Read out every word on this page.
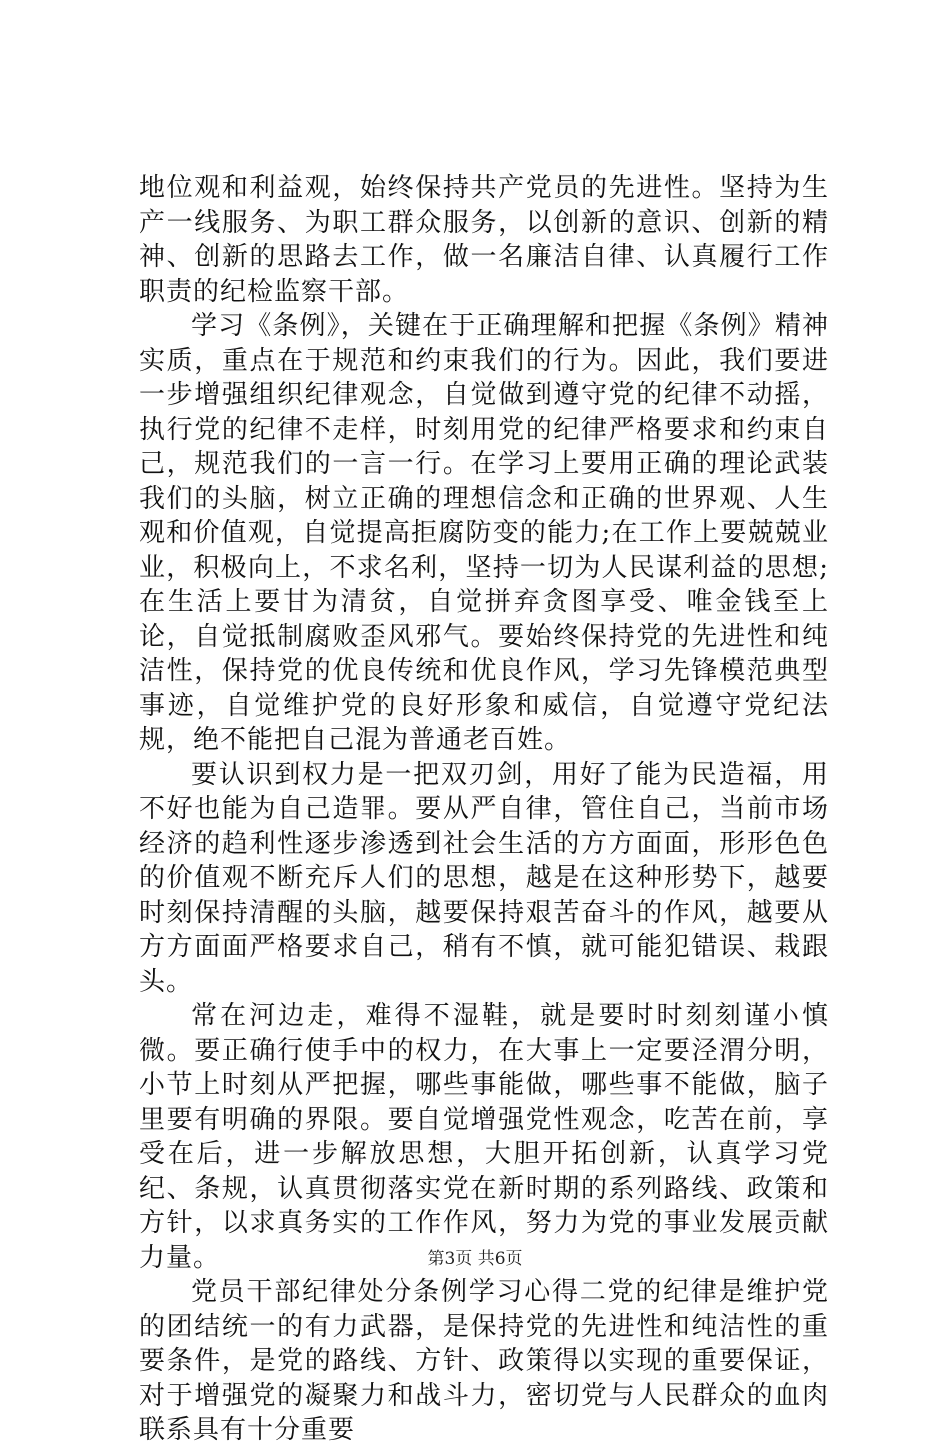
地位观和利益观，始终保持共产党员的先进性。坚持为生产一线服务、为职工群众服务，以创新的意识、创新的精神、创新的思路去工作，做一名廉洁自律、认真履行工作职责的纪检监察干部。

学习《条例》，关键在于正确理解和把握《条例》精神实质，重点在于规范和约束我们的行为。因此，我们要进一步增强组织纪律观念，自觉做到遵守党的纪律不动摇，执行党的纪律不走样，时刻用党的纪律严格要求和约束自己，规范我们的一言一行。在学习上要用正确的理论武装我们的头脑，树立正确的理想信念和正确的世界观、人生观和价值观，自觉提高拒腐防变的能力;在工作上要兢兢业业，积极向上，不求名利，坚持一切为人民谋利益的思想;在生活上要甘为清贫，自觉拼弃贪图享受、唯金钱至上论，自觉抵制腐败歪风邪气。要始终保持党的先进性和纯洁性，保持党的优良传统和优良作风，学习先锋模范典型事迹，自觉维护党的良好形象和威信，自觉遵守党纪法规，绝不能把自己混为普通老百姓。

要认识到权力是一把双刃剑，用好了能为民造福，用不好也能为自己造罪。要从严自律，管住自己，当前市场经济的趋利性逐步渗透到社会生活的方方面面，形形色色的价值观不断充斥人们的思想，越是在这种形势下，越要时刻保持清醒的头脑，越要保持艰苦奋斗的作风，越要从方方面面严格要求自己，稍有不慎，就可能犯错误、栽跟头。

常在河边走，难得不湿鞋，就是要时时刻刻谨小慎微。要正确行使手中的权力，在大事上一定要泾渭分明，小节上时刻从严把握，哪些事能做，哪些事不能做，脑子里要有明确的界限。要自觉增强党性观念，吃苦在前，享受在后，进一步解放思想，大胆开拓创新，认真学习党纪、条规，认真贯彻落实党在新时期的系列路线、政策和方针，以求真务实的工作作风，努力为党的事业发展贡献力量。

党员干部纪律处分条例学习心得二党的纪律是维护党的团结统一的有力武器，是保持党的先进性和纯洁性的重要条件，是党的路线、方针、政策得以实现的重要保证，对于增强党的凝聚力和战斗力，密切党与人民群众的血肉联系具有十分重要

第3页 共6页
